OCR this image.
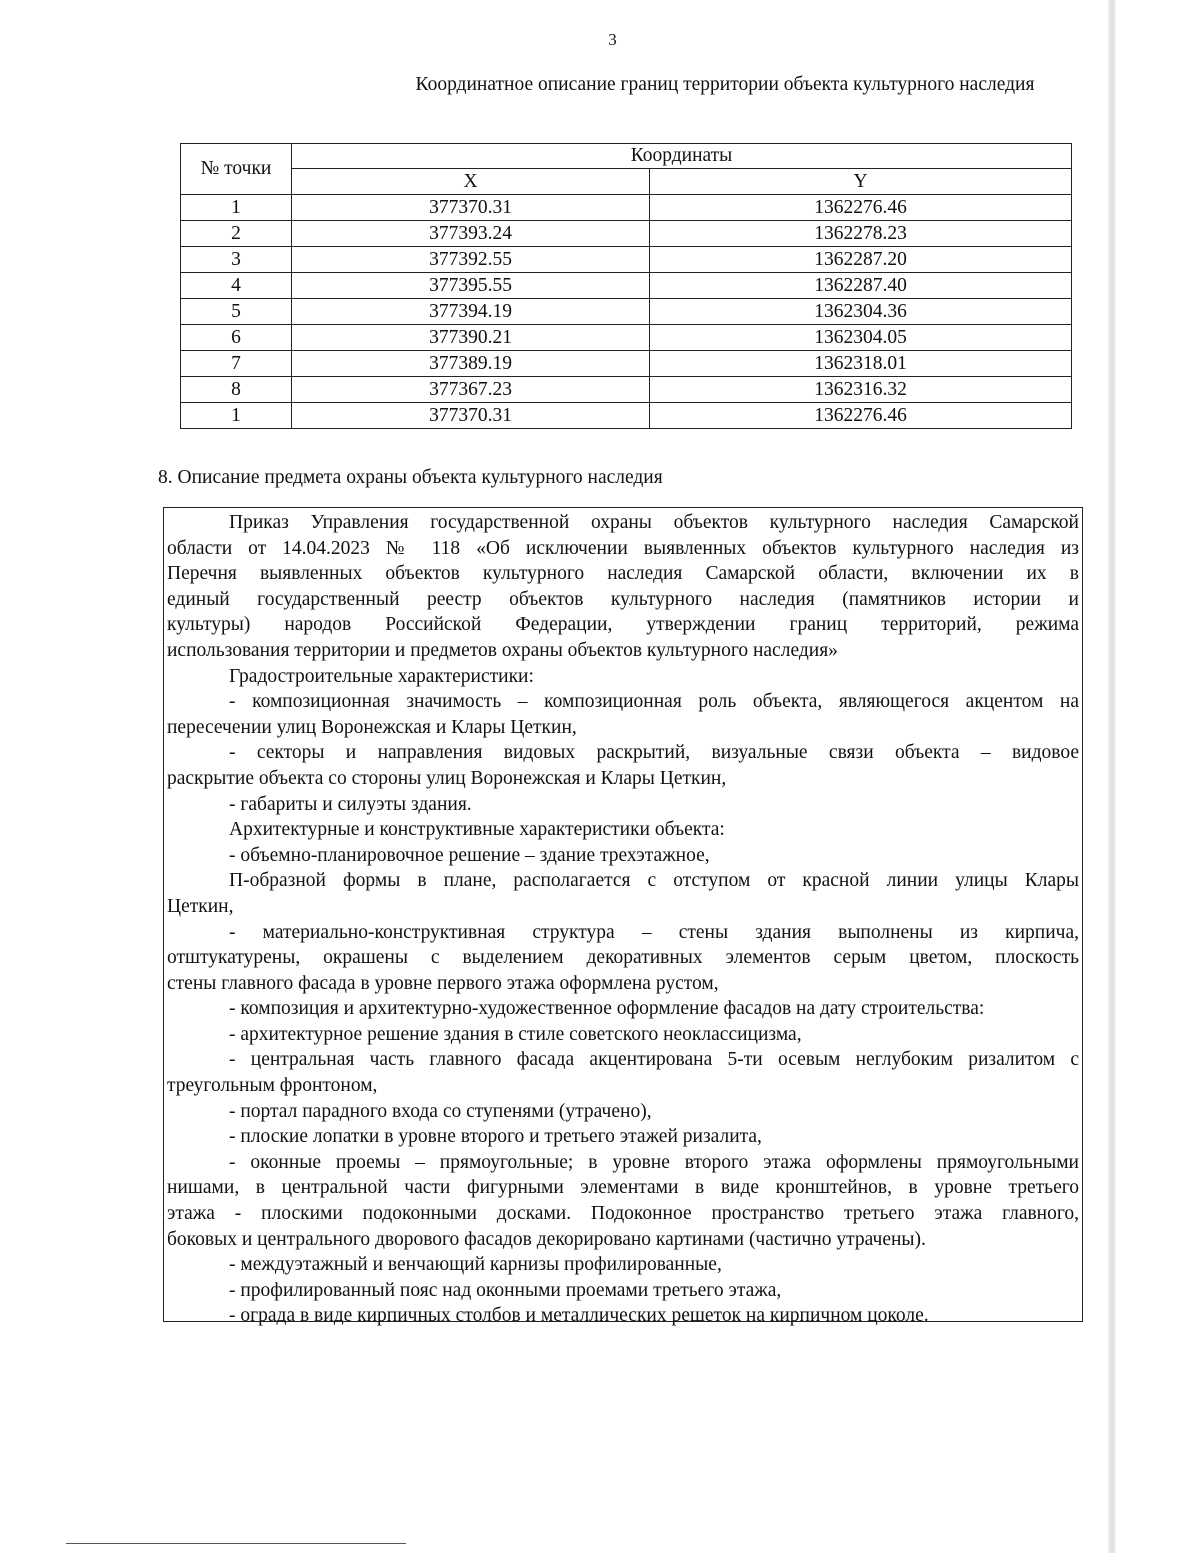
3
Координатное описание границ территории объекта культурного наследия
№ точки	Координаты	
	X	Y
1	377370.31	1362276.46
2	377393.24	1362278.23
3	377392.55	1362287.20
4	377395.55	1362287.40
5	377394.19	1362304.36
6	377390.21	1362304.05
7	377389.19	1362318.01
8	377367.23	1362316.32
1	377370.31	1362276.46
8. Описание предмета охраны объекта культурного наследия
Приказ Управления государственной охраны объектов культурного наследия Самарской
области от 14.04.2023 № 118 «Об исключении выявленных объектов культурного наследия из
Перечня выявленных объектов культурного наследия Самарской области, включении их в
единый государственный реестр объектов культурного наследия (памятников истории и
культуры) народов Российской Федерации, утверждении границ территорий, режима
использования территории и предметов охраны объектов культурного наследия»
Градостроительные характеристики:
- композиционная значимость – композиционная роль объекта, являющегося акцентом на
пересечении улиц Воронежская и Клары Цеткин,
- секторы и направления видовых раскрытий, визуальные связи объекта – видовое
раскрытие объекта со стороны улиц Воронежская и Клары Цеткин,
- габариты и силуэты здания.
Архитектурные и конструктивные характеристики объекта:
- объемно-планировочное решение – здание трехэтажное,
П-образной формы в плане, располагается с отступом от красной линии улицы Клары
Цеткин,
- материально-конструктивная структура – стены здания выполнены из кирпича,
отштукатурены, окрашены с выделением декоративных элементов серым цветом, плоскость
стены главного фасада в уровне первого этажа оформлена рустом,
- композиция и архитектурно-художественное оформление фасадов на дату строительства:
- архитектурное решение здания в стиле советского неоклассицизма,
- центральная часть главного фасада акцентирована 5-ти осевым неглубоким ризалитом с
треугольным фронтоном,
- портал парадного входа со ступенями (утрачено),
- плоские лопатки в уровне второго и третьего этажей ризалита,
- оконные проемы – прямоугольные; в уровне второго этажа оформлены прямоугольными
нишами, в центральной части фигурными элементами в виде кронштейнов, в уровне третьего
этажа - плоскими подоконными досками. Подоконное пространство третьего этажа главного,
боковых и центрального дворового фасадов декорировано картинами (частично утрачены).
- междуэтажный и венчающий карнизы профилированные,
- профилированный пояс над оконными проемами третьего этажа,
- ограда в виде кирпичных столбов и металлических решеток на кирпичном цоколе.
